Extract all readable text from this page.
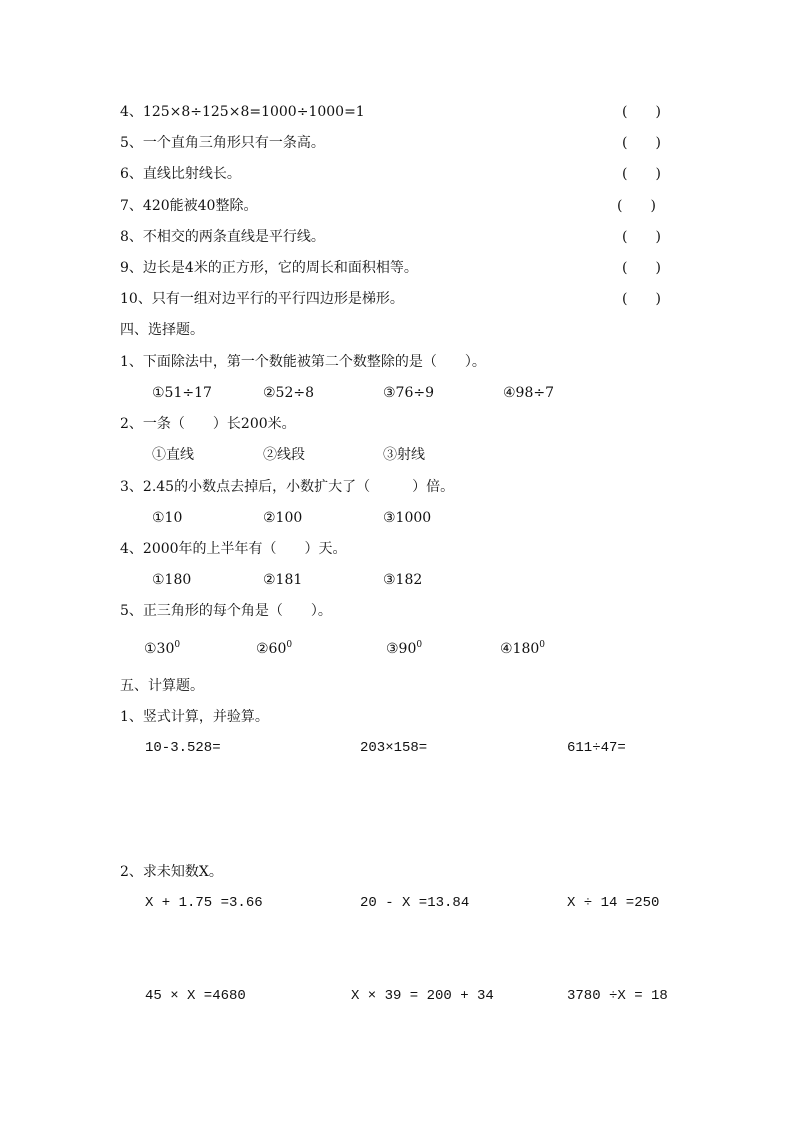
4、125×8÷125×8=1000÷1000=1	(　　)
5、一个直角三角形只有一条高。	(　　)
6、直线比射线长。	(　　)
7、420能被40整除。	(　　)
8、不相交的两条直线是平行线。	(　　)
9、边长是4米的正方形，它的周长和面积相等。	(　　)
10、只有一组对边平行的平行四边形是梯形。	(　　)
四、选择题。
1、下面除法中，第一个数能被第二个数整除的是（　　）。
①51÷17	②52÷8	③76÷9	④98÷7
2、一条（　　）长200米。
①直线	②线段	③射线
3、2.45的小数点去掉后，小数扩大了（　　　）倍。
①10	②100	③1000
4、2000年的上半年有（　　）天。
①180	②181	③182
5、正三角形的每个角是（　　）。
$①30^0$	$②60^0$	$③90^0$	$④180^0$
五、计算题。
1、竖式计算，并验算。
10-3.528=	203×158=	611÷47=
2、求未知数X。
X + 1.75 =3.66	20 - X =13.84	X ÷ 14 =250
45 × X =4680	X × 39 = 200 + 34	3780 ÷X = 18
